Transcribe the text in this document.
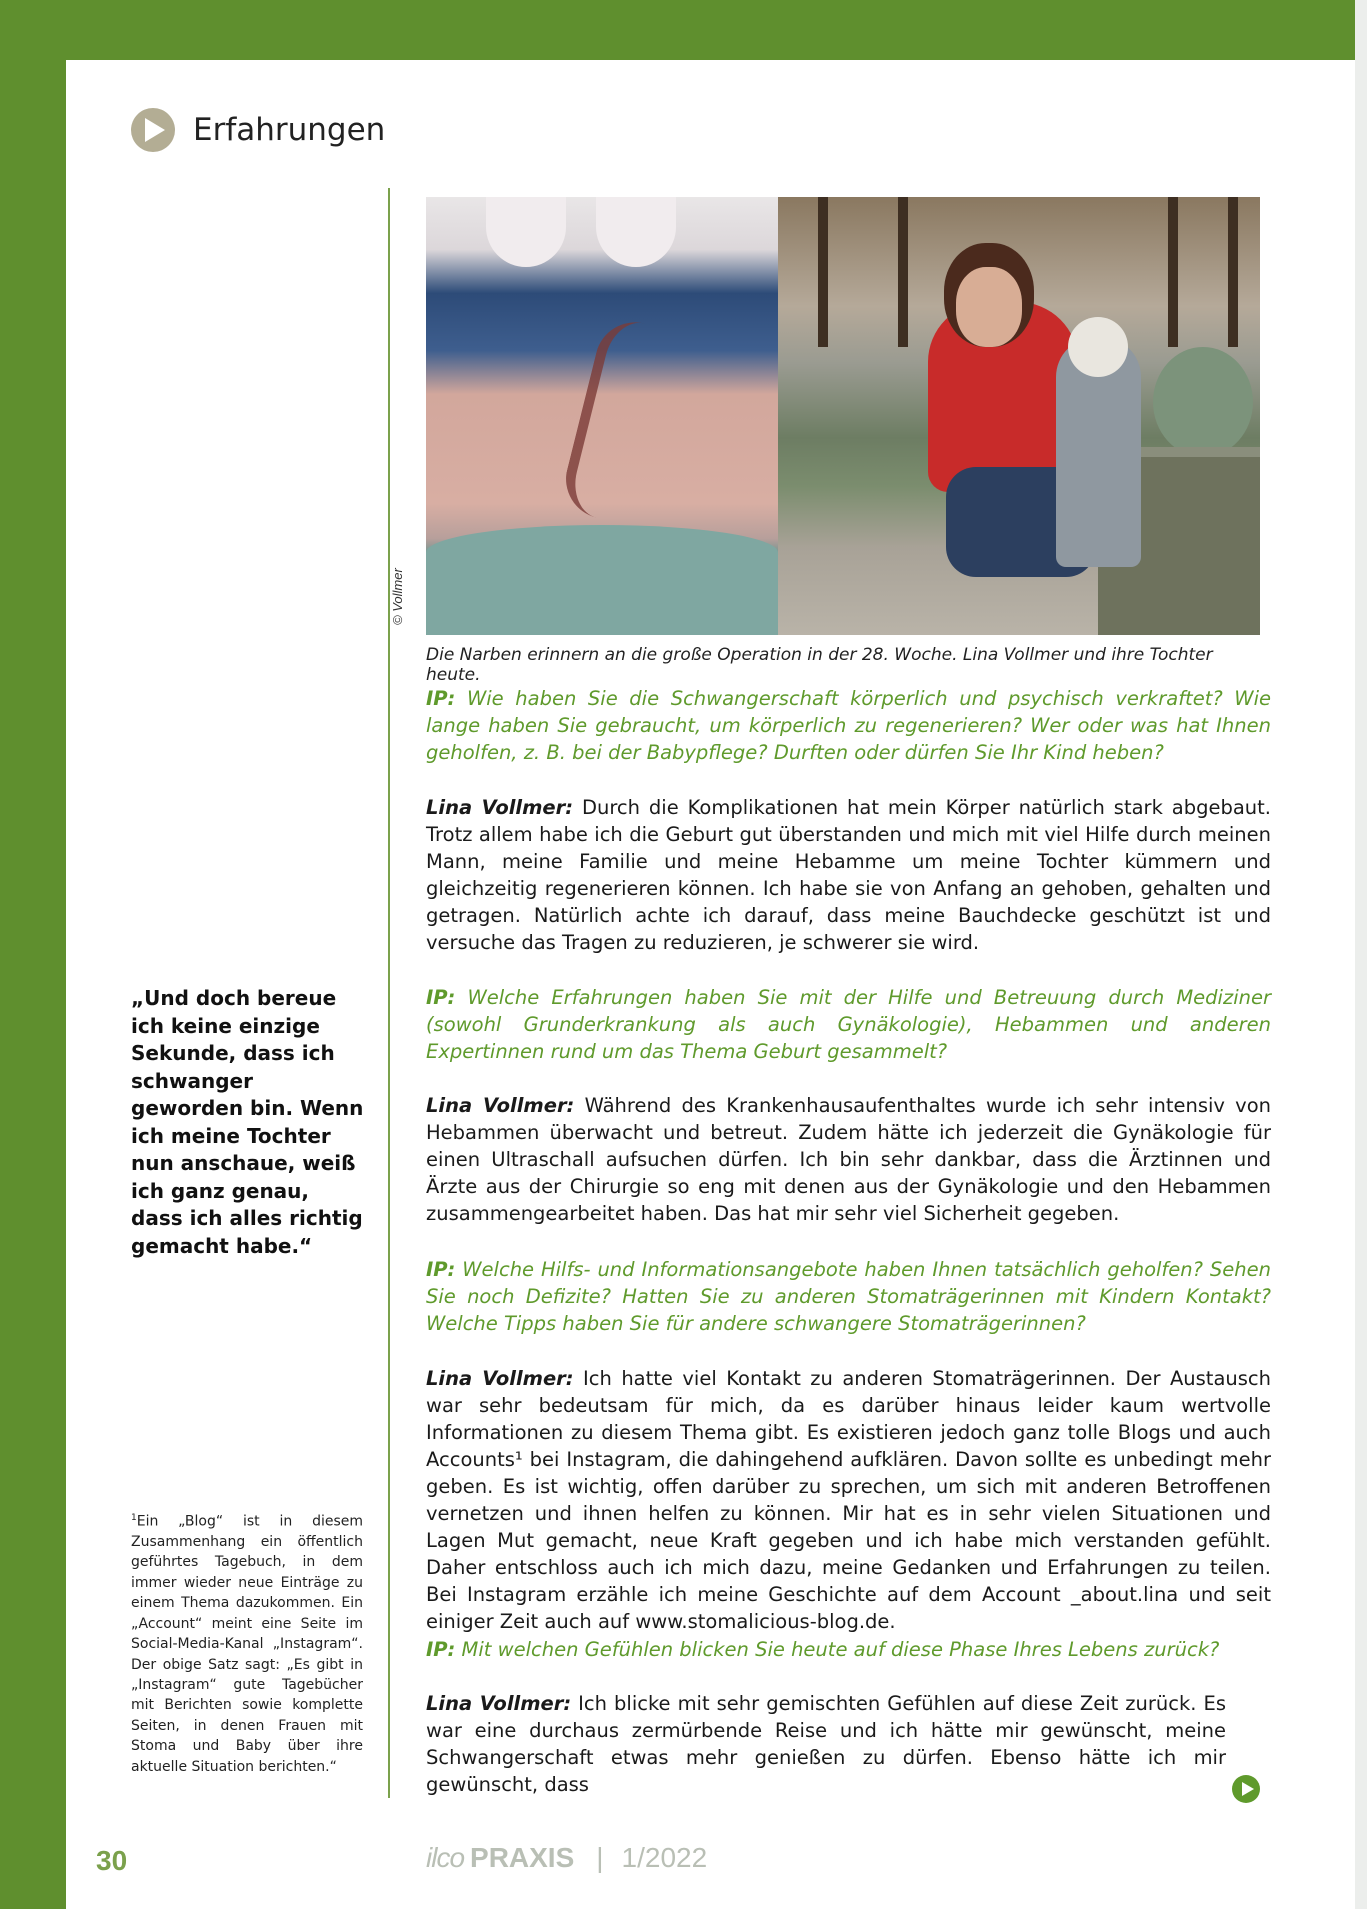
Erfahrungen
© Vollmer
Die Narben erinnern an die große Operation in der 28. Woche. Lina Vollmer und ihre Tochter heute.

IP: Wie haben Sie die Schwangerschaft körperlich und psychisch verkraftet? Wie lange haben Sie gebraucht, um körperlich zu regenerieren? Wer oder was hat Ihnen geholfen, z. B. bei der Babypflege? Durften oder dürfen Sie Ihr Kind heben?

Lina Vollmer: Durch die Komplikationen hat mein Körper natürlich stark abgebaut. Trotz allem habe ich die Geburt gut überstanden und mich mit viel Hilfe durch meinen Mann, meine Familie und meine Hebamme um meine Tochter kümmern und gleichzeitig regenerieren können. Ich habe sie von Anfang an gehoben, gehalten und getragen. Natürlich achte ich darauf, dass meine Bauchdecke geschützt ist und versuche das Tragen zu reduzieren, je schwerer sie wird.

IP: Welche Erfahrungen haben Sie mit der Hilfe und Betreuung durch Mediziner (sowohl Grunderkrankung als auch Gynäkologie), Hebammen und anderen Expertinnen rund um das Thema Geburt gesammelt?

Lina Vollmer: Während des Krankenhausaufenthaltes wurde ich sehr intensiv von Hebammen überwacht und betreut. Zudem hätte ich jederzeit die Gynäkologie für einen Ultraschall aufsuchen dürfen. Ich bin sehr dankbar, dass die Ärztinnen und Ärzte aus der Chirurgie so eng mit denen aus der Gynäkologie und den Hebammen zusammengearbeitet haben. Das hat mir sehr viel Sicherheit gegeben.

IP: Welche Hilfs- und Informationsangebote haben Ihnen tatsächlich geholfen? Sehen Sie noch Defizite? Hatten Sie zu anderen Stomaträgerinnen mit Kindern Kontakt? Welche Tipps haben Sie für andere schwangere Stomaträgerinnen?

Lina Vollmer: Ich hatte viel Kontakt zu anderen Stomaträgerinnen. Der Austausch war sehr bedeutsam für mich, da es darüber hinaus leider kaum wertvolle Informationen zu diesem Thema gibt. Es existieren jedoch ganz tolle Blogs und auch Accounts¹ bei Instagram, die dahingehend aufklären. Davon sollte es unbedingt mehr geben. Es ist wichtig, offen darüber zu sprechen, um sich mit anderen Betroffenen vernetzen und ihnen helfen zu können. Mir hat es in sehr vielen Situationen und Lagen Mut gemacht, neue Kraft gegeben und ich habe mich verstanden gefühlt. Daher entschloss auch ich mich dazu, meine Gedanken und Erfahrungen zu teilen. Bei Instagram erzähle ich meine Geschichte auf dem Account _about.lina und seit einiger Zeit auch auf www.stomalicious-blog.de.

IP: Mit welchen Gefühlen blicken Sie heute auf diese Phase Ihres Lebens zurück?

Lina Vollmer: Ich blicke mit sehr gemischten Gefühlen auf diese Zeit zurück. Es war eine durchaus zermürbende Reise und ich hätte mir gewünscht, meine Schwangerschaft etwas mehr genießen zu dürfen. Ebenso hätte ich mir gewünscht, dass

„Und doch bereue ich keine einzige Sekunde, dass ich schwanger geworden bin. Wenn ich meine Tochter nun anschaue, weiß ich ganz genau, dass ich alles richtig gemacht habe.“
$^1$Ein „Blog“ ist in diesem Zusammenhang ein öffentlich geführtes Tagebuch, in dem immer wieder neue Einträge zu einem Thema dazukommen. Ein „Account“ meint eine Seite im Social-Media-Kanal „Instagram“. Der obige Satz sagt: „Es gibt in „Instagram“ gute Tagebücher mit Berichten sowie komplette Seiten, in denen Frauen mit Stoma und Baby über ihre aktuelle Situation berichten.“
30	ilco PRAXIS | 1/2022
